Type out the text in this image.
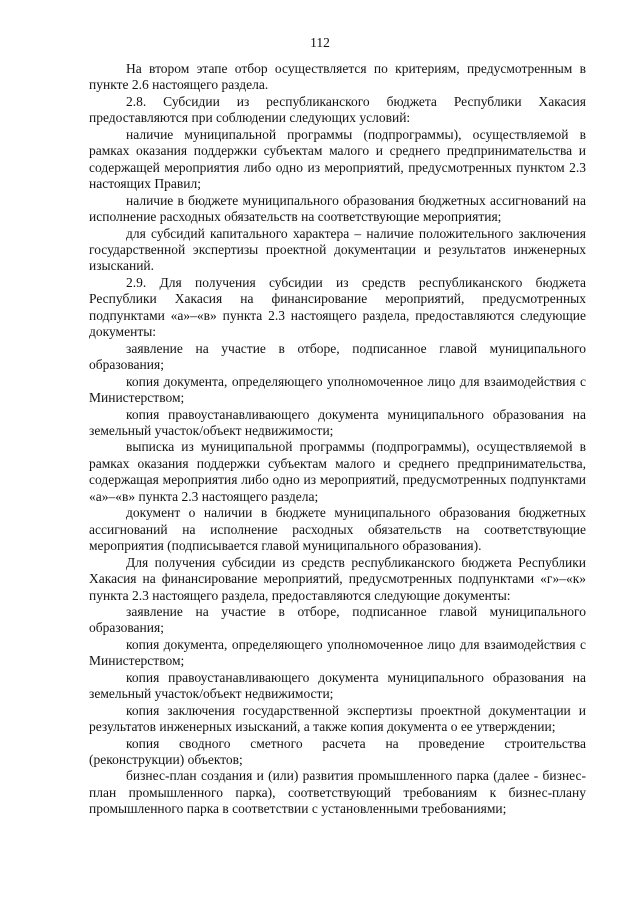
112

На втором этапе отбор осуществляется по критериям, предусмотренным в пункте 2.6 настоящего раздела.

2.8. Субсидии из республиканского бюджета Республики Хакасия предоставляются при соблюдении следующих условий:

наличие муниципальной программы (подпрограммы), осуществляемой в рамках оказания поддержки субъектам малого и среднего предпринимательства и содержащей мероприятия либо одно из мероприятий, предусмотренных пунктом 2.3 настоящих Правил;

наличие в бюджете муниципального образования бюджетных ассигнований на исполнение расходных обязательств на соответствующие мероприятия;

для субсидий капитального характера – наличие положительного заключения государственной экспертизы проектной документации и результатов инженерных изысканий.

2.9. Для получения субсидии из средств республиканского бюджета Республики Хакасия на финансирование мероприятий, предусмотренных подпунктами «а»–«в» пункта 2.3 настоящего раздела, предоставляются следующие документы:

заявление на участие в отборе, подписанное главой муниципального образования;

копия документа, определяющего уполномоченное лицо для взаимодействия с Министерством;

копия правоустанавливающего документа муниципального образования на земельный участок/объект недвижимости;

выписка из муниципальной программы (подпрограммы), осуществляемой в рамках оказания поддержки субъектам малого и среднего предпринимательства, содержащая мероприятия либо одно из мероприятий, предусмотренных подпунктами «а»–«в» пункта 2.3 настоящего раздела;

документ о наличии в бюджете муниципального образования бюджетных ассигнований на исполнение расходных обязательств на соответствующие мероприятия (подписывается главой муниципального образования).

Для получения субсидии из средств республиканского бюджета Республики Хакасия на финансирование мероприятий, предусмотренных подпунктами «г»–«к» пункта 2.3 настоящего раздела, предоставляются следующие документы:

заявление на участие в отборе, подписанное главой муниципального образования;

копия документа, определяющего уполномоченное лицо для взаимодействия с Министерством;

копия правоустанавливающего документа муниципального образования на земельный участок/объект недвижимости;

копия заключения государственной экспертизы проектной документации и результатов инженерных изысканий, а также копия документа о ее утверждении;

копия сводного сметного расчета на проведение строительства (реконструкции) объектов;

бизнес-план создания и (или) развития промышленного парка (далее - бизнес-план промышленного парка), соответствующий требованиям к бизнес-плану промышленного парка в соответствии с установленными требованиями;
